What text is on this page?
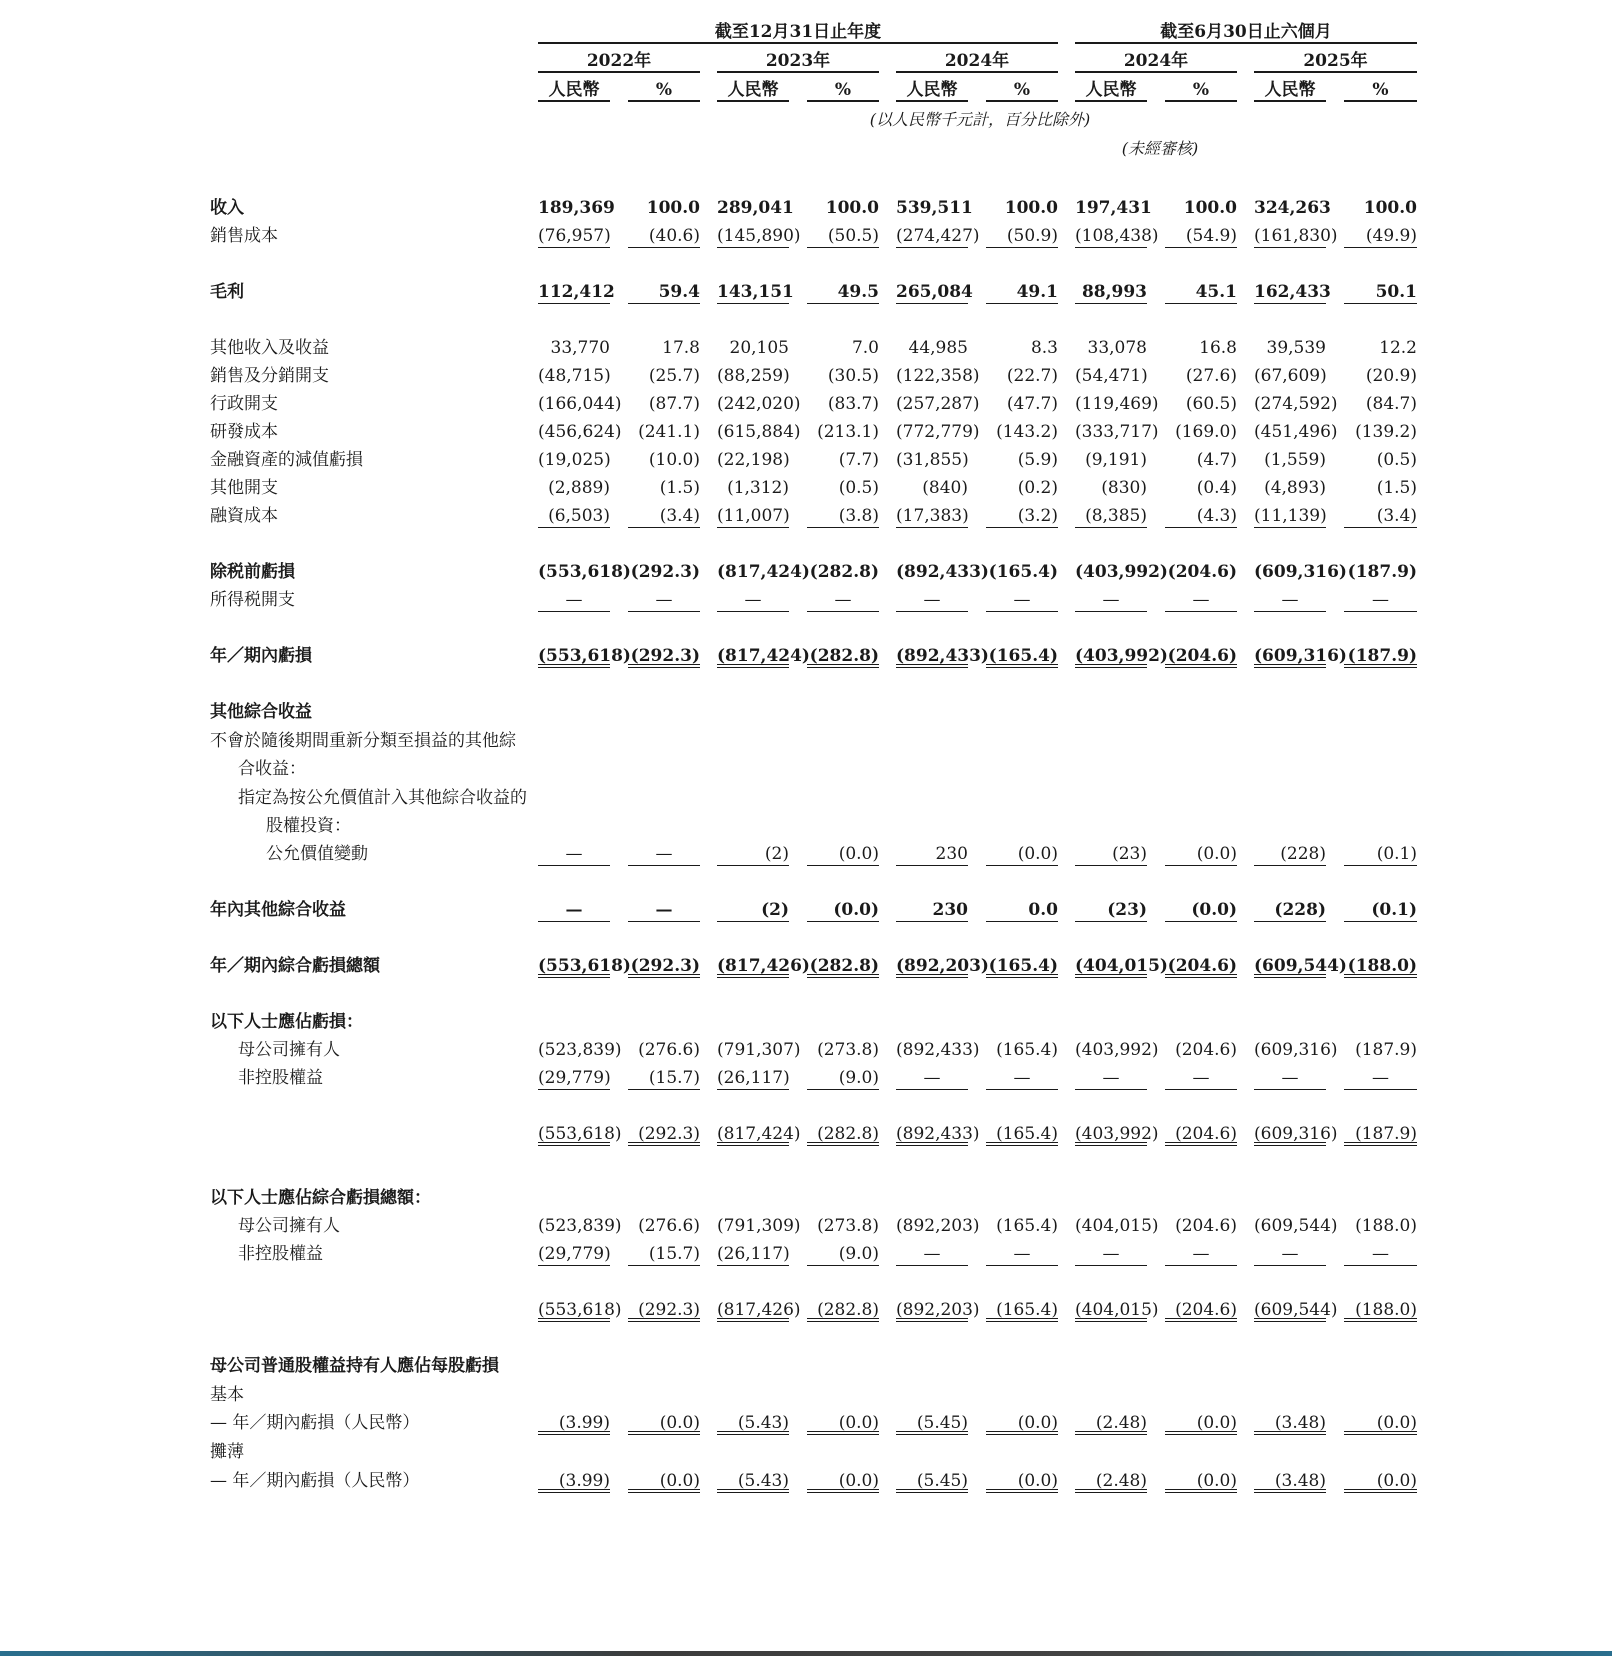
截至12月31日止年度	截至6月30日止六個月
2022年	2023年	2024年	2024年	2025年
人民幣	%	人民幣	%	人民幣	%	人民幣	%	人民幣	%
(以人民幣千元計，百分比除外)
(未經審核)
收入	189,369	100.0 289,041	100.0 539,511	100.0 197,431	100.0 324,263	100.0
銷售成本	(76,957)	(40.6) (145,890)	(50.5) (274,427)	(50.9) (108,438)	(54.9) (161,830)	(49.9)
毛利	112,412	59.4 143,151	49.5 265,084	49.1	88,993	45.1 162,433	50.1
其他收入及收益	33,770	17.8	20,105	7.0	44,985	8.3	33,078	16.8	39,539	12.2
銷售及分銷開支	(48,715)	(25.7) (88,259)	(30.5) (122,358)	(22.7) (54,471)	(27.6) (67,609)	(20.9)
行政開支	(166,044)	(87.7) (242,020)	(83.7) (257,287)	(47.7) (119,469)	(60.5) (274,592)	(84.7)
研發成本	(456,624) (241.1) (615,884) (213.1) (772,779) (143.2) (333,717) (169.0) (451,496)	(139.2)
金融資產的減值虧損	(19,025)	(10.0) (22,198)	(7.7) (31,855)	(5.9)	(9,191)	(4.7)	(1,559)	(0.5)
其他開支	(2,889)	(1.5)	(1,312)	(0.5)	(840)	(0.2)	(830)	(0.4)	(4,893)	(1.5)
融資成本	(6,503)	(3.4) (11,007)	(3.8) (17,383)	(3.2)	(8,385)	(4.3) (11,139)	(3.4)
除税前虧損	(553,618) (292.3) (817,424) (282.8) (892,433) (165.4) (403,992) (204.6) (609,316) (187.9)
所得税開支	—	—	—	—	—	—	—	—	—	—
年／期內虧損	(553,618) (292.3) (817,424) (282.8) (892,433) (165.4) (403,992) (204.6) (609,316) (187.9)
其他綜合收益
不會於隨後期間重新分類至損益的其他綜
合收益：
指定為按公允價值計入其他綜合收益的
股權投資：
公允價值變動	—	—	(2)	(0.0)	230	(0.0)	(23)	(0.0)	(228)	(0.1)
年內其他綜合收益	—	—	(2)	(0.0)	230	0.0	(23)	(0.0)	(228)	(0.1)
年／期內綜合虧損總額	(553,618) (292.3) (817,426) (282.8) (892,203) (165.4) (404,015) (204.6) (609,544) (188.0)
以下人士應佔虧損：
母公司擁有人	(523,839) (276.6) (791,307) (273.8) (892,433) (165.4) (403,992) (204.6) (609,316)	(187.9)
非控股權益	(29,779)	(15.7) (26,117)	(9.0)	—	—	—	—	—	—
(553,618) (292.3) (817,424) (282.8) (892,433) (165.4) (403,992) (204.6) (609,316)	(187.9)
以下人士應佔綜合虧損總額：
母公司擁有人	(523,839) (276.6) (791,309) (273.8) (892,203) (165.4) (404,015) (204.6) (609,544)	(188.0)
非控股權益	(29,779)	(15.7) (26,117)	(9.0)	—	—	—	—	—	—
(553,618) (292.3) (817,426) (282.8) (892,203) (165.4) (404,015) (204.6) (609,544)	(188.0)
母公司普通股權益持有人應佔每股虧損
基本
— 年／期內虧損（人民幣）	(3.99)	(0.0)	(5.43)	(0.0)	(5.45)	(0.0)	(2.48)	(0.0)	(3.48)	(0.0)
攤薄
— 年／期內虧損（人民幣）	(3.99)	(0.0)	(5.43)	(0.0)	(5.45)	(0.0)	(2.48)	(0.0)	(3.48)	(0.0)
